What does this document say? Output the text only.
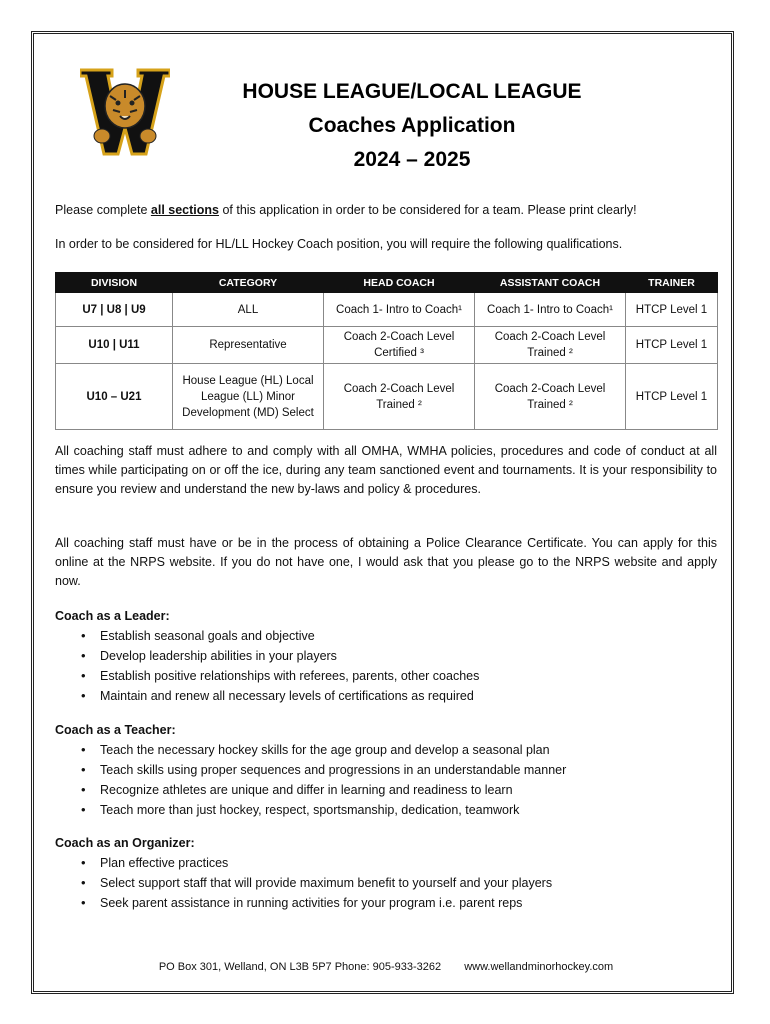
HOUSE LEAGUE/LOCAL LEAGUE
Coaches Application
2024 – 2025
Please complete all sections of this application in order to be considered for a team. Please print clearly!
In order to be considered for HL/LL Hockey Coach position, you will require the following qualifications.
DIVISION	CATEGORY	HEAD COACH	ASSISTANT COACH	TRAINER
U7 | U8 | U9	ALL	Coach 1- Intro to Coach¹	Coach 1- Intro to Coach¹	HTCP Level 1
U10 | U11	Representative	Coach 2-Coach Level Certified ³	Coach 2-Coach Level Trained ²	HTCP Level 1
U10 – U21	House League (HL) Local League (LL) Minor Development (MD) Select	Coach 2-Coach Level Trained ²	Coach 2-Coach Level Trained ²	HTCP Level 1
All coaching staff must adhere to and comply with all OMHA, WMHA policies, procedures and code of conduct at all times while participating on or off the ice, during any team sanctioned event and tournaments. It is your responsibility to ensure you review and understand the new by-laws and policy & procedures.
All coaching staff must have or be in the process of obtaining a Police Clearance Certificate. You can apply for this online at the NRPS website. If you do not have one, I would ask that you please go to the NRPS website and apply now.
Coach as a Leader:
• Establish seasonal goals and objective
• Develop leadership abilities in your players
• Establish positive relationships with referees, parents, other coaches
• Maintain and renew all necessary levels of certifications as required
Coach as a Teacher:
• Teach the necessary hockey skills for the age group and develop a seasonal plan
• Teach skills using proper sequences and progressions in an understandable manner
• Recognize athletes are unique and differ in learning and readiness to learn
• Teach more than just hockey, respect, sportsmanship, dedication, teamwork
Coach as an Organizer:
• Plan effective practices
• Select support staff that will provide maximum benefit to yourself and your players
• Seek parent assistance in running activities for your program i.e. parent reps
PO Box 301, Welland, ON L3B 5P7 Phone: 905-933-3262 www.wellandminorhockey.com
